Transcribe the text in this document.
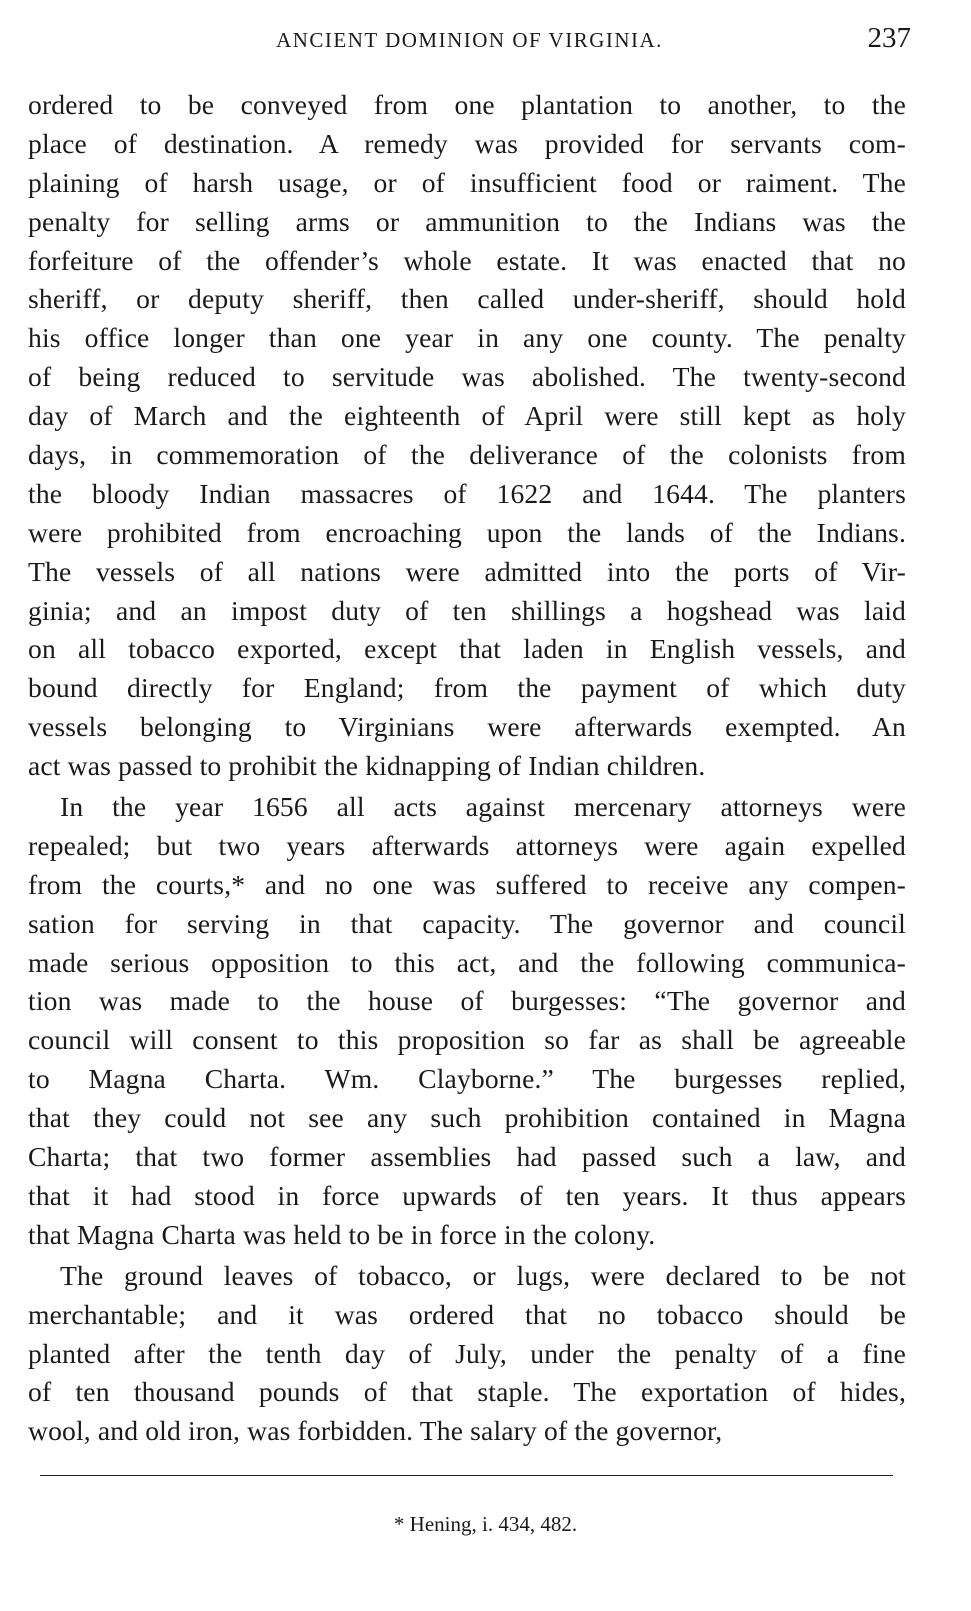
ANCIENT DOMINION OF VIRGINIA.	237
ordered to be conveyed from one plantation to another, to the
place of destination. A remedy was provided for servants com-
plaining of harsh usage, or of insufficient food or raiment. The
penalty for selling arms or ammunition to the Indians was the
forfeiture of the offender’s whole estate. It was enacted that no
sheriff, or deputy sheriff, then called under-sheriff, should hold
his office longer than one year in any one county. The penalty
of being reduced to servitude was abolished. The twenty-second
day of March and the eighteenth of April were still kept as holy
days, in commemoration of the deliverance of the colonists from
the bloody Indian massacres of 1622 and 1644. The planters
were prohibited from encroaching upon the lands of the Indians.
The vessels of all nations were admitted into the ports of Vir-
ginia; and an impost duty of ten shillings a hogshead was laid
on all tobacco exported, except that laden in English vessels, and
bound directly for England; from the payment of which duty
vessels belonging to Virginians were afterwards exempted. An
act was passed to prohibit the kidnapping of Indian children.
In the year 1656 all acts against mercenary attorneys were
repealed; but two years afterwards attorneys were again expelled
from the courts,* and no one was suffered to receive any compen-
sation for serving in that capacity. The governor and council
made serious opposition to this act, and the following communica-
tion was made to the house of burgesses: “The governor and
council will consent to this proposition so far as shall be agreeable
to Magna Charta. Wm. Clayborne.” The burgesses replied,
that they could not see any such prohibition contained in Magna
Charta; that two former assemblies had passed such a law, and
that it had stood in force upwards of ten years. It thus appears
that Magna Charta was held to be in force in the colony.
The ground leaves of tobacco, or lugs, were declared to be not
merchantable; and it was ordered that no tobacco should be
planted after the tenth day of July, under the penalty of a fine
of ten thousand pounds of that staple. The exportation of hides,
wool, and old iron, was forbidden. The salary of the governor,
* Hening, i. 434, 482.
